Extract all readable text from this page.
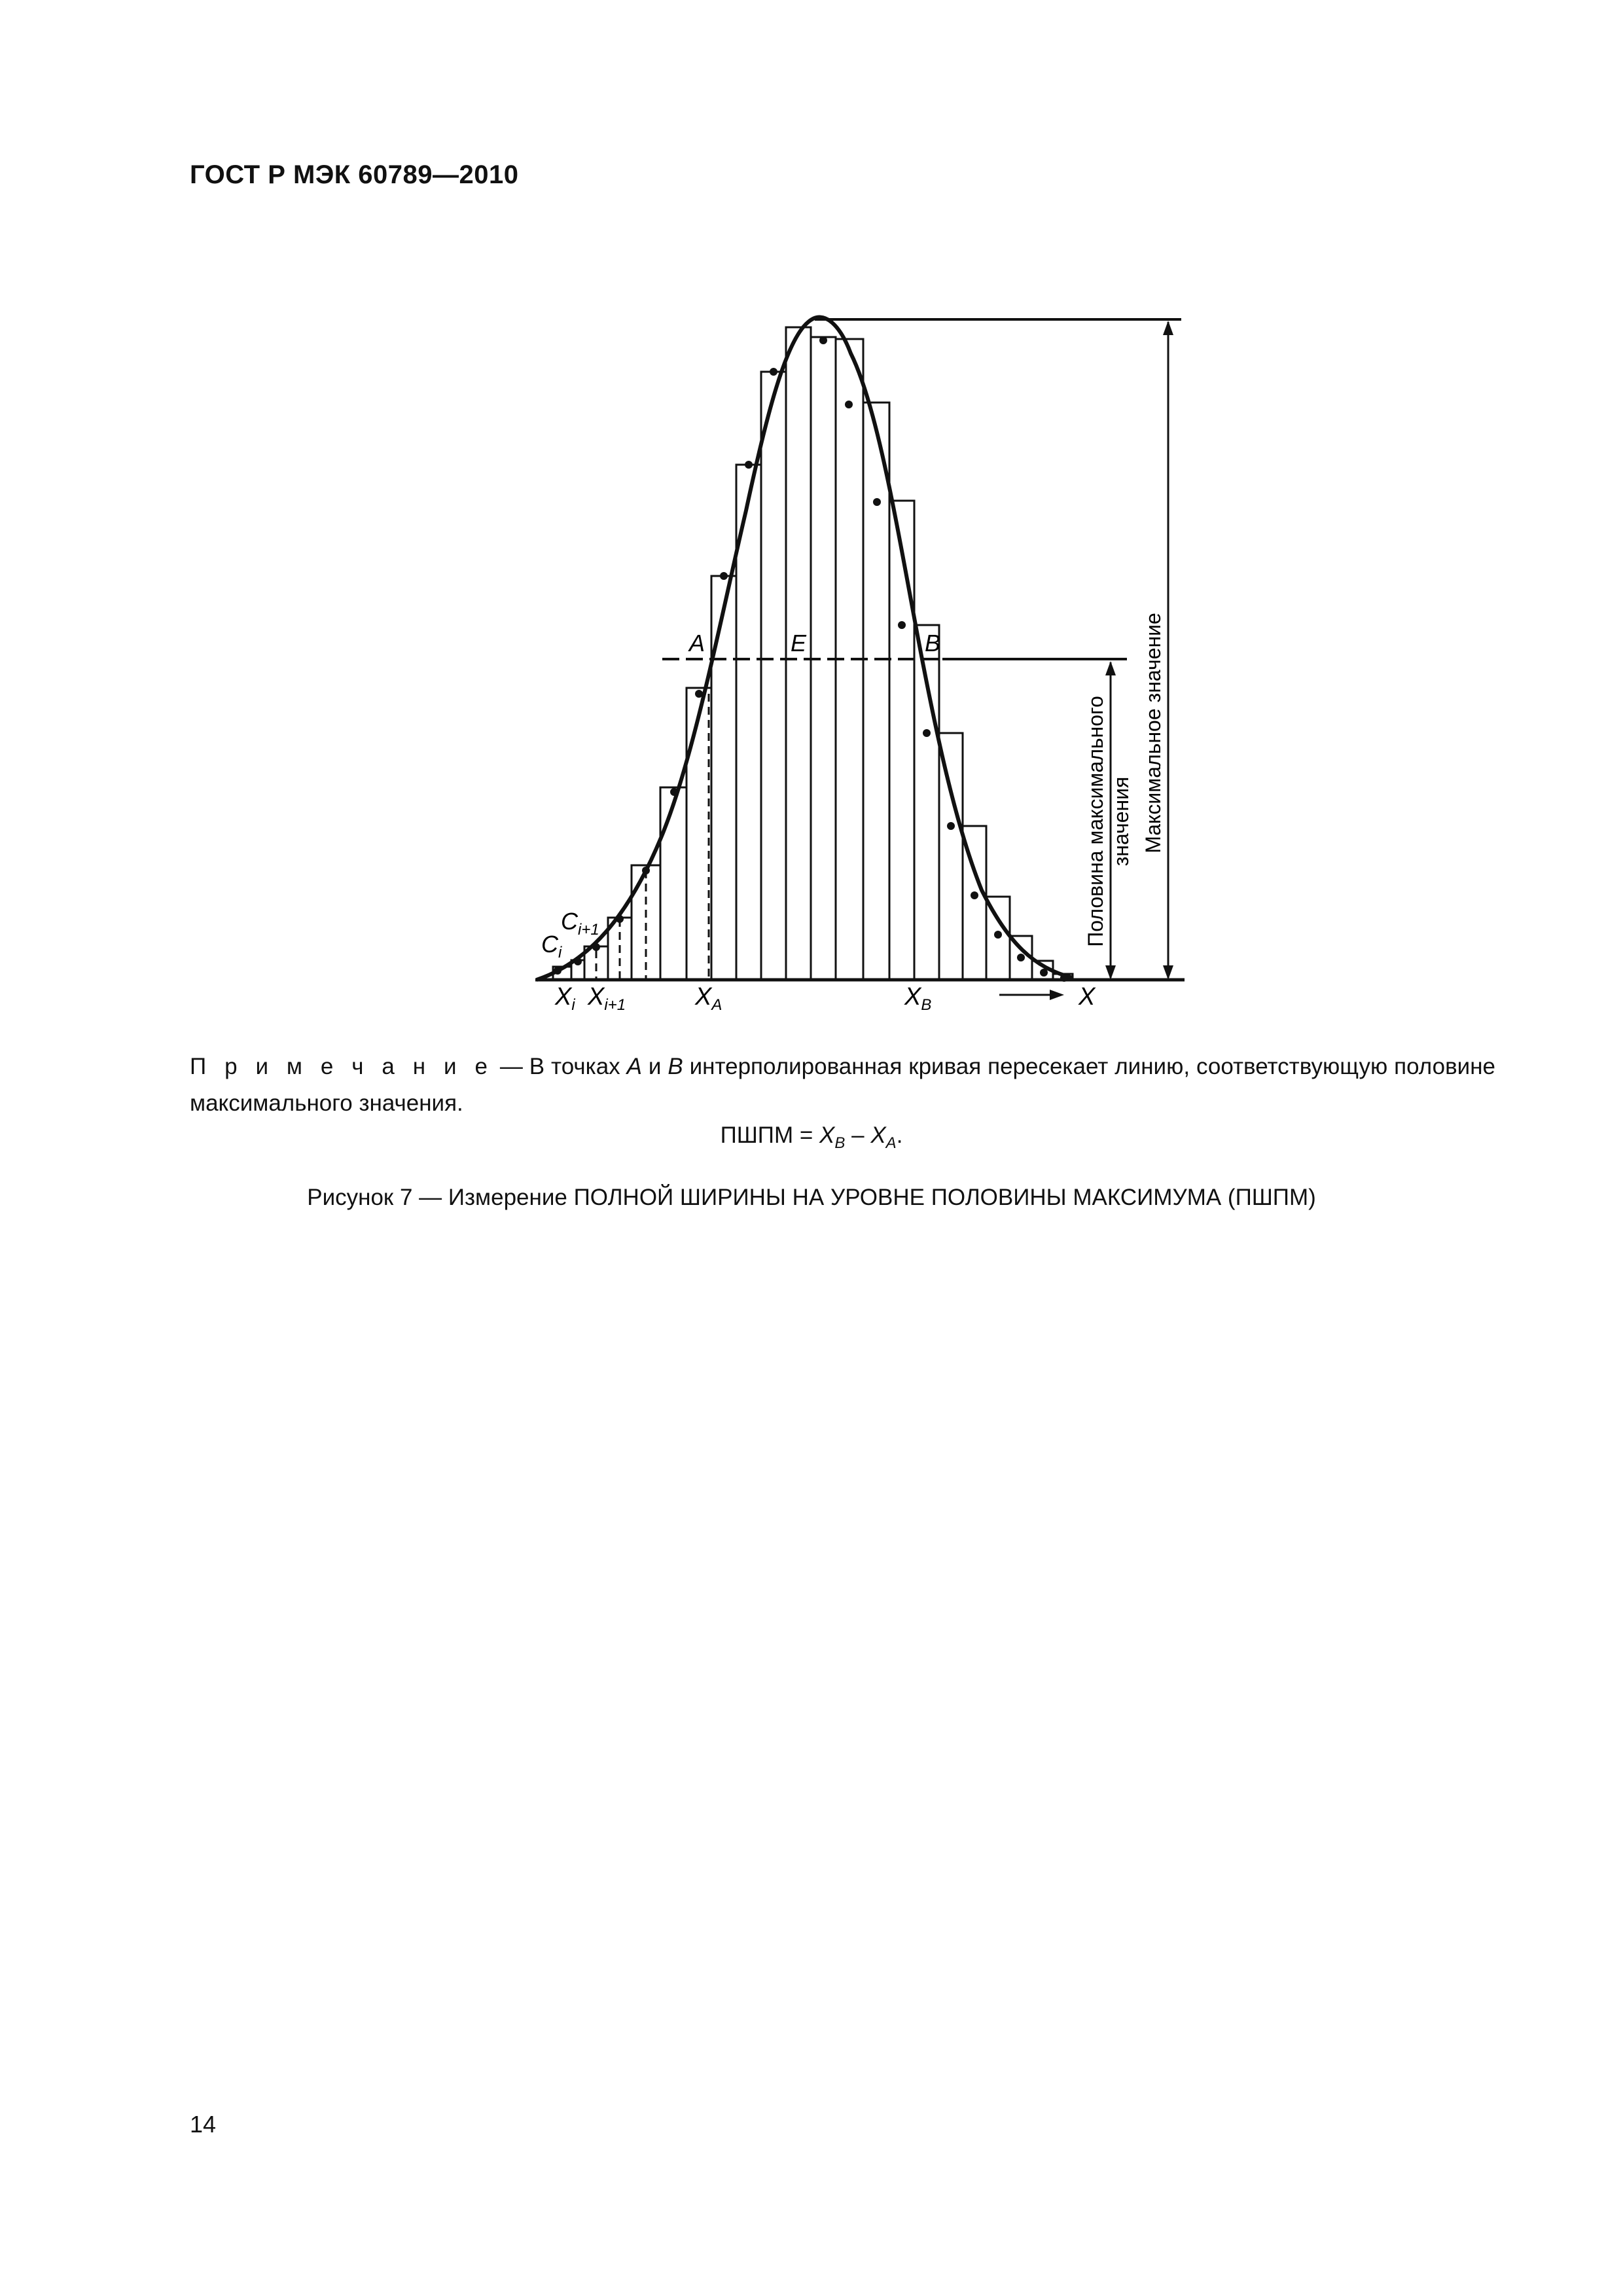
ГОСТ Р МЭК 60789—2010
A	E	B
$C_{i+1}$
$C_i$
$X_i$ $X_{i+1}$	$X_A$	$X_B$	X
Половина максимального значения Максимальное значение
П р и м е ч а н и е — В точках A и B интерполированная кривая пересекает линию, соответствующую половине максимального значения.
ПШПМ = $X_B - X_A$.
Рисунок 7 — Измерение ПОЛНОЙ ШИРИНЫ НА УРОВНЕ ПОЛОВИНЫ МАКСИМУМА (ПШПМ)
14
